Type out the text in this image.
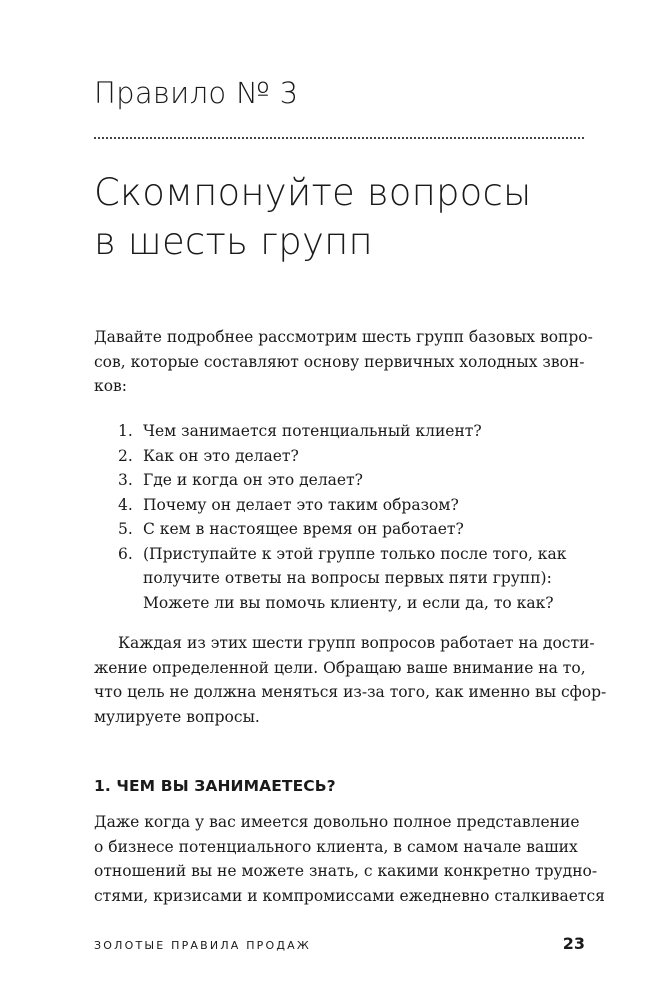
Правило № 3
Скомпонуйте вопросы
в шесть групп
Давайте подробнее рассмотрим шесть групп базовых вопро-
сов, которые составляют основу первичных холодных звон-
ков:
1. Чем занимается потенциальный клиент?
2. Как он это делает?
3. Где и когда он это делает?
4. Почему он делает это таким образом?
5. С кем в настоящее время он работает?
6. (Приступайте к этой группе только после того, как
получите ответы на вопросы первых пяти групп):
Можете ли вы помочь клиенту, и если да, то как?
Каждая из этих шести групп вопросов работает на дости-
жение определенной цели. Обращаю ваше внимание на то,
что цель не должна меняться из-за того, как именно вы сфор-
мулируете вопросы.
1. ЧЕМ ВЫ ЗАНИМАЕТЕСЬ?
Даже когда у вас имеется довольно полное представление
о бизнесе потенциального клиента, в самом начале ваших
отношений вы не можете знать, с какими конкретно трудно-
стями, кризисами и компромиссами ежедневно сталкивается
ЗОЛОТЫЕ ПРАВИЛА ПРОДАЖ	23
